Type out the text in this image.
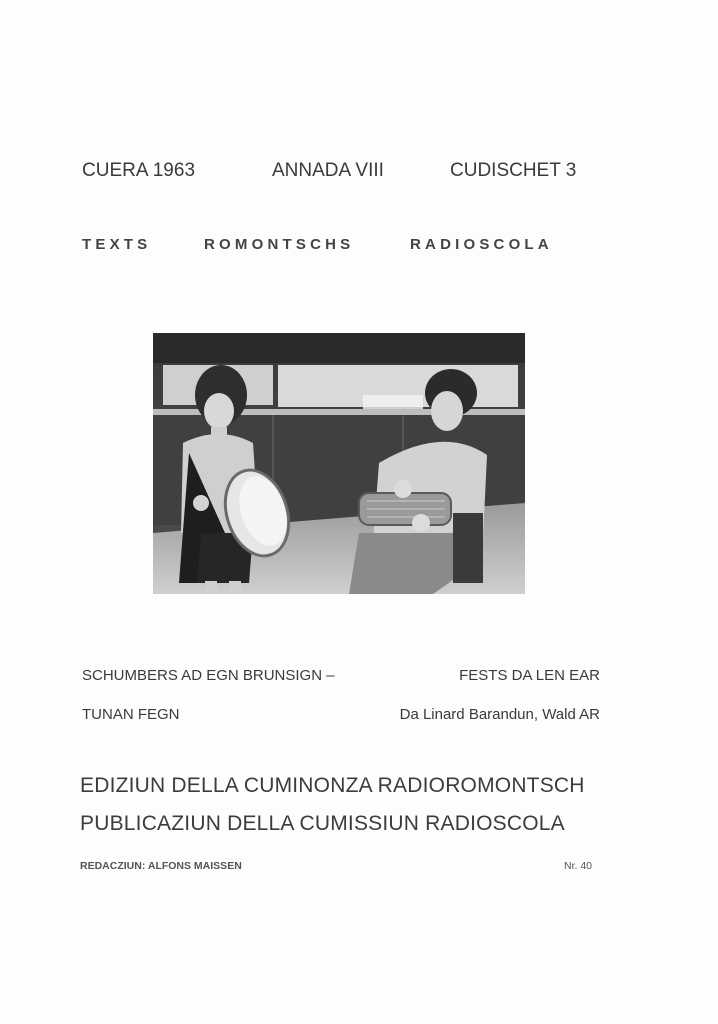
CUERA 1963	ANNADA VIII	CUDISCHET 3
TEXTS	ROMONTSCHS	RADIOSCOLA
SCHUMBERS AD EGN BRUNSIGN –	FESTS DA LEN EAR
TUNAN FEGN	Da Linard Barandun, Wald AR
EDIZIUN DELLA CUMINONZA RADIOROMONTSCH
PUBLICAZIUN DELLA CUMISSIUN RADIOSCOLA
REDACZIUN: ALFONS MAISSEN	Nr. 40
